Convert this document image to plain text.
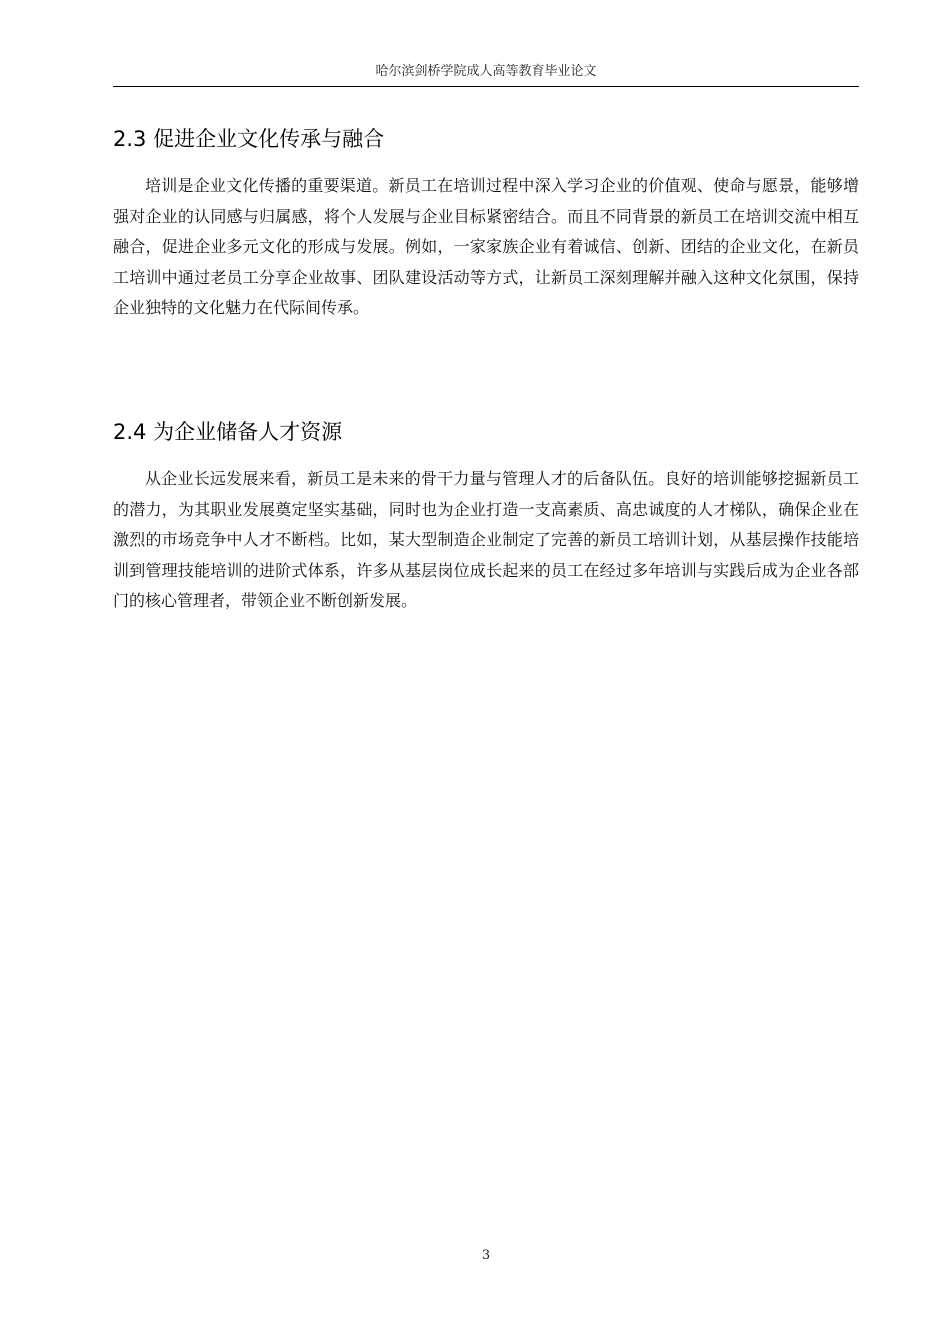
哈尔滨剑桥学院成人高等教育毕业论文
2.3 促进企业文化传承与融合

培训是企业文化传播的重要渠道。新员工在培训过程中深入学习企业的价值观、使命与愿景，能够增强对企业的认同感与归属感，将个人发展与企业目标紧密结合。而且不同背景的新员工在培训交流中相互融合，促进企业多元文化的形成与发展。例如，一家家族企业有着诚信、创新、团结的企业文化，在新员工培训中通过老员工分享企业故事、团队建设活动等方式，让新员工深刻理解并融入这种文化氛围，保持企业独特的文化魅力在代际间传承。

2.4 为企业储备人才资源

从企业长远发展来看，新员工是未来的骨干力量与管理人才的后备队伍。良好的培训能够挖掘新员工的潜力，为其职业发展奠定坚实基础，同时也为企业打造一支高素质、高忠诚度的人才梯队，确保企业在激烈的市场竞争中人才不断档。比如，某大型制造企业制定了完善的新员工培训计划，从基层操作技能培训到管理技能培训的进阶式体系，许多从基层岗位成长起来的员工在经过多年培训与实践后成为企业各部门的核心管理者，带领企业不断创新发展。

3
